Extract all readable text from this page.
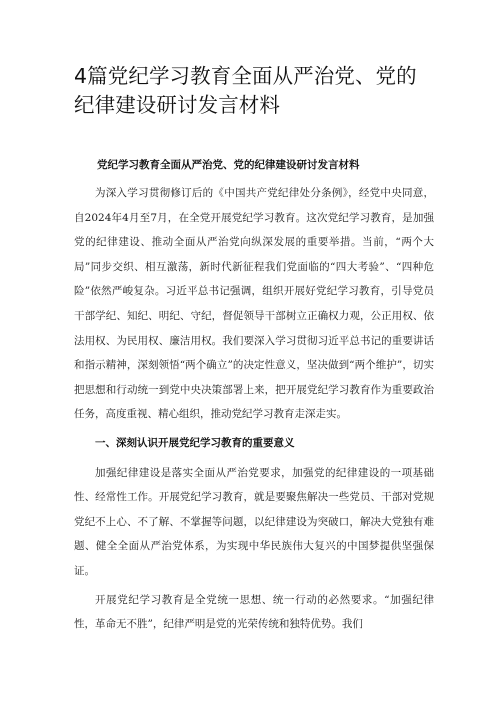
4篇党纪学习教育全面从严治党、党的纪律建设研讨发言材料

党纪学习教育全面从严治党、党的纪律建设研讨发言材料

为深入学习贯彻修订后的《中国共产党纪律处分条例》，经党中央同意，自2024年4月至7月，在全党开展党纪学习教育。这次党纪学习教育，是加强党的纪律建设、推动全面从严治党向纵深发展的重要举措。当前，“两个大局”同步交织、相互激荡，新时代新征程我们党面临的“四大考验”、“四种危险”依然严峻复杂。习近平总书记强调，组织开展好党纪学习教育，引导党员干部学纪、知纪、明纪、守纪，督促领导干部树立正确权力观，公正用权、依法用权、为民用权、廉洁用权。我们要深入学习贯彻习近平总书记的重要讲话和指示精神，深刻领悟“两个确立”的决定性意义，坚决做到“两个维护”，切实把思想和行动统一到党中央决策部署上来，把开展党纪学习教育作为重要政治任务，高度重视、精心组织，推动党纪学习教育走深走实。

一、深刻认识开展党纪学习教育的重要意义

加强纪律建设是落实全面从严治党要求，加强党的纪律建设的一项基础性、经常性工作。开展党纪学习教育，就是要聚焦解决一些党员、干部对党规党纪不上心、不了解、不掌握等问题，以纪律建设为突破口，解决大党独有难题、健全全面从严治党体系，为实现中华民族伟大复兴的中国梦提供坚强保证。

开展党纪学习教育是全党统一思想、统一行动的必然要求。“加强纪律性，革命无不胜”，纪律严明是党的光荣传统和独特优势。我们
